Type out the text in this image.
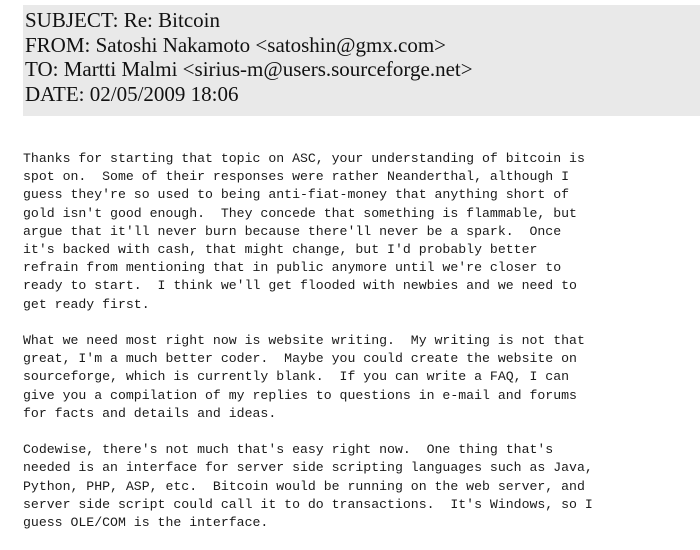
SUBJECT: Re: Bitcoin
FROM: Satoshi Nakamoto <satoshin@gmx.com>
TO: Martti Malmi <sirius-m@users.sourceforge.net>
DATE: 02/05/2009 18:06
Thanks for starting that topic on ASC, your understanding of bitcoin is
spot on.  Some of their responses were rather Neanderthal, although I
guess they're so used to being anti-fiat-money that anything short of
gold isn't good enough.  They concede that something is flammable, but
argue that it'll never burn because there'll never be a spark.  Once
it's backed with cash, that might change, but I'd probably better
refrain from mentioning that in public anymore until we're closer to
ready to start.  I think we'll get flooded with newbies and we need to
get ready first.
What we need most right now is website writing.  My writing is not that
great, I'm a much better coder.  Maybe you could create the website on
sourceforge, which is currently blank.  If you can write a FAQ, I can
give you a compilation of my replies to questions in e-mail and forums
for facts and details and ideas.
Codewise, there's not much that's easy right now.  One thing that's
needed is an interface for server side scripting languages such as Java,
Python, PHP, ASP, etc.  Bitcoin would be running on the web server, and
server side script could call it to do transactions.  It's Windows, so I
guess OLE/COM is the interface.
